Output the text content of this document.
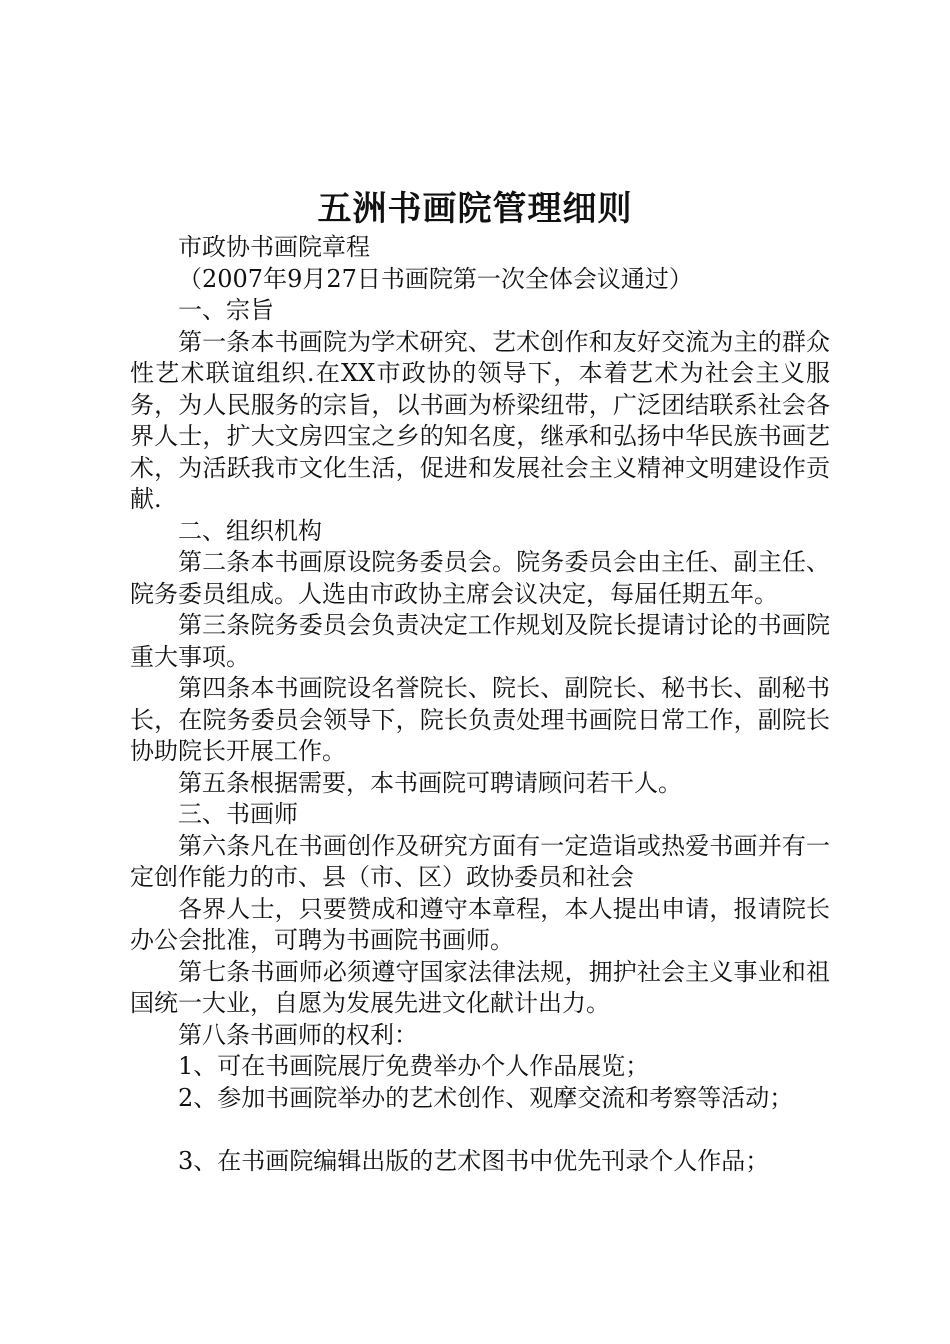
五洲书画院管理细则

市政协书画院章程

（2007年9月27日书画院第一次全体会议通过）

一、宗旨

第一条本书画院为学术研究、艺术创作和友好交流为主的群众性艺术联谊组织.在XX市政协的领导下，本着艺术为社会主义服务，为人民服务的宗旨，以书画为桥梁纽带，广泛团结联系社会各界人士，扩大文房四宝之乡的知名度，继承和弘扬中华民族书画艺术，为活跃我市文化生活，促进和发展社会主义精神文明建设作贡献.

二、组织机构

第二条本书画原设院务委员会。院务委员会由主任、副主任、院务委员组成。人选由市政协主席会议决定，每届任期五年。

第三条院务委员会负责决定工作规划及院长提请讨论的书画院重大事项。

第四条本书画院设名誉院长、院长、副院长、秘书长、副秘书长，在院务委员会领导下，院长负责处理书画院日常工作，副院长协助院长开展工作。

第五条根据需要，本书画院可聘请顾问若干人。

三、书画师

第六条凡在书画创作及研究方面有一定造诣或热爱书画并有一定创作能力的市、县（市、区）政协委员和社会

各界人士，只要赞成和遵守本章程，本人提出申请，报请院长办公会批准，可聘为书画院书画师。

第七条书画师必须遵守国家法律法规，拥护社会主义事业和祖国统一大业，自愿为发展先进文化献计出力。

第八条书画师的权利：

1、可在书画院展厅免费举办个人作品展览；

2、参加书画院举办的艺术创作、观摩交流和考察等活动；

3、在书画院编辑出版的艺术图书中优先刊录个人作品；
